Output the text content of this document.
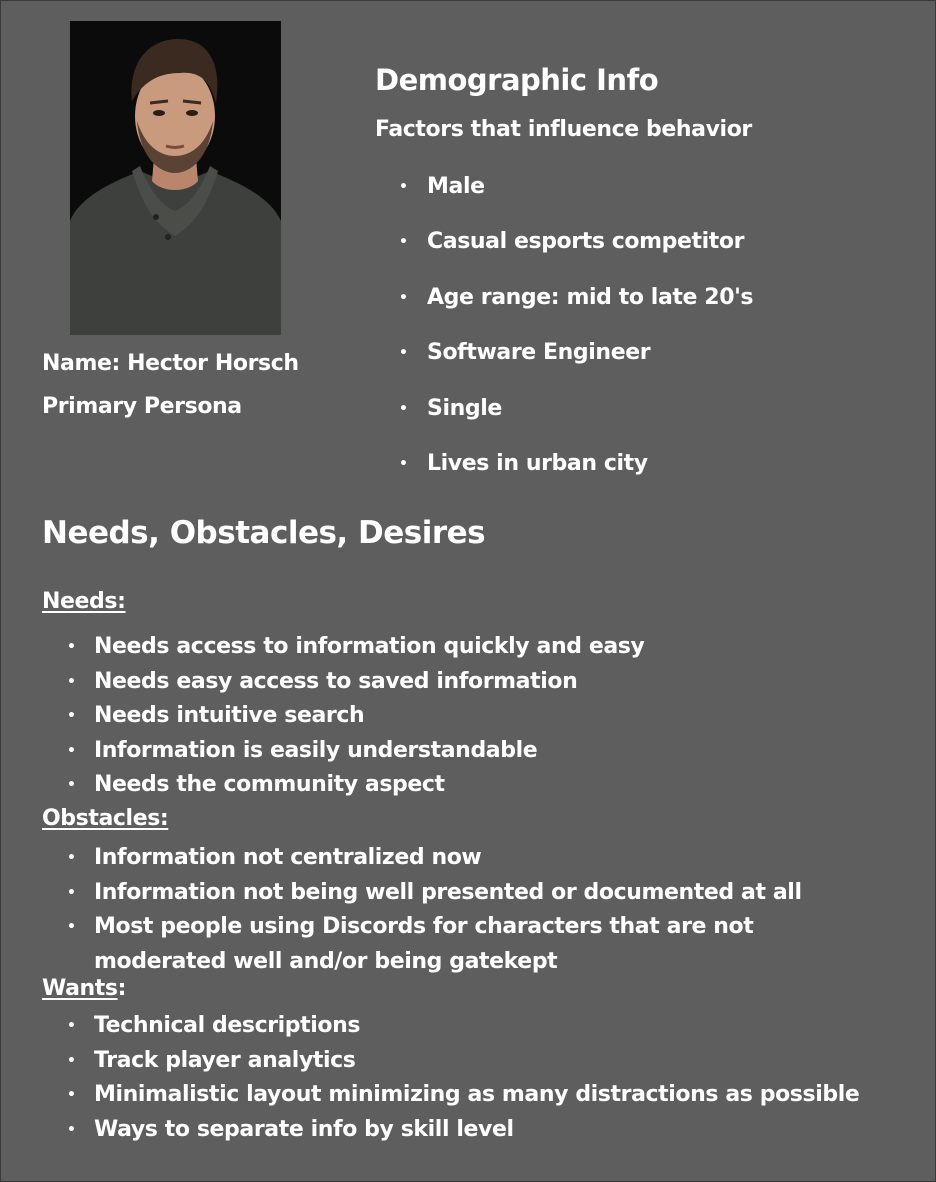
Name: Hector Horsch
Primary Persona
Demographic Info
Factors that influence behavior
• Male
• Casual esports competitor
• Age range: mid to late 20's
• Software Engineer
• Single
• Lives in urban city
Needs, Obstacles, Desires
Needs:
• Needs access to information quickly and easy
• Needs easy access to saved information
• Needs intuitive search
• Information is easily understandable
• Needs the community aspect
Obstacles:
• Information not centralized now
• Information not being well presented or documented at all
• Most people using Discords for characters that are not moderated well and/or being gatekept
Wants:
• Technical descriptions
• Track player analytics
• Minimalistic layout minimizing as many distractions as possible
• Ways to separate info by skill level
